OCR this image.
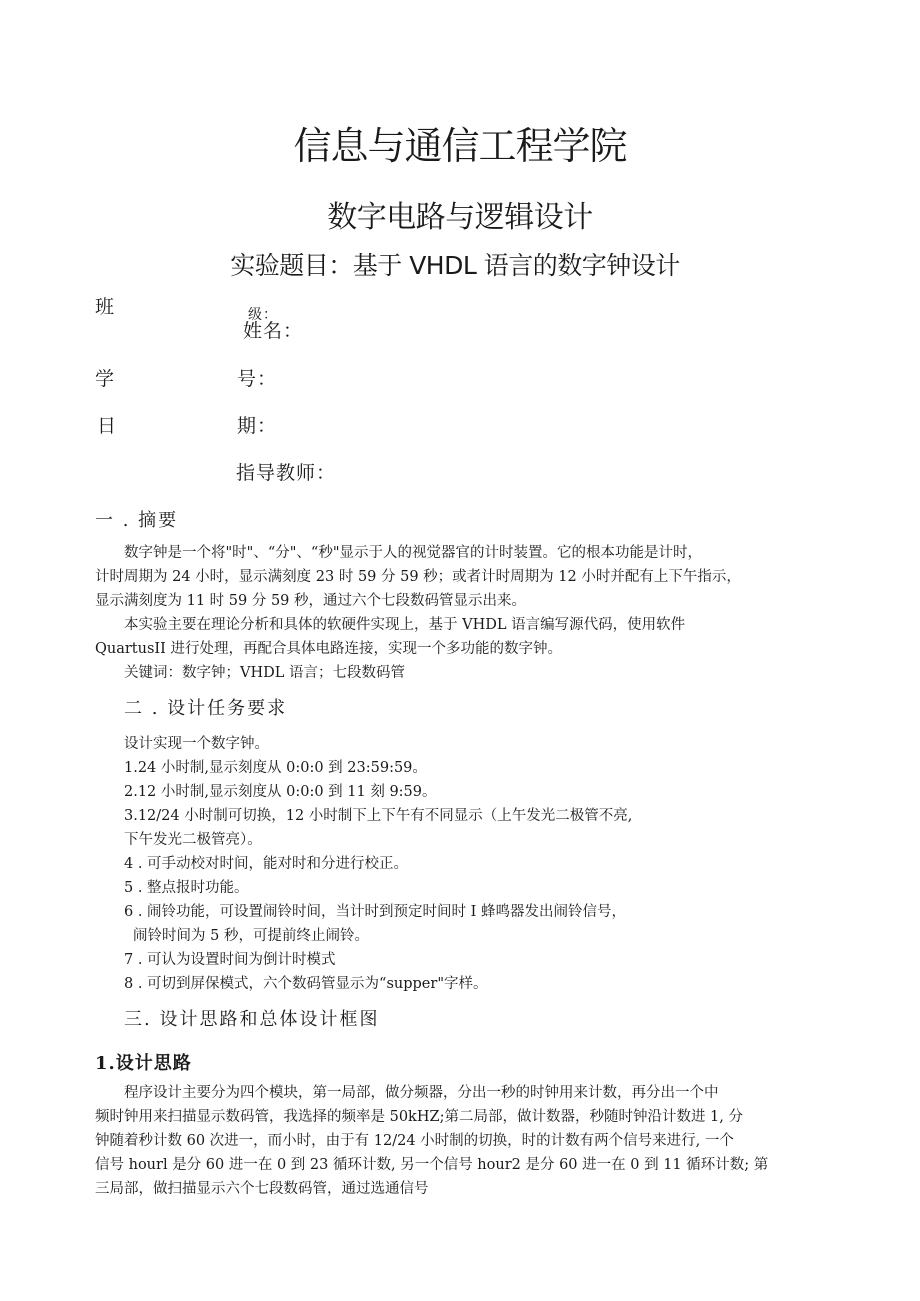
信息与通信工程学院
数字电路与逻辑设计
实验题目：基于 VHDL 语言的数字钟设计
班	级：
姓名：
学	号：
日	期：
指导教师：
一 . 摘要
数字钟是一个将"时"、“分"、“秒"显示于人的视觉器官的计时装置。它的根本功能是计时，
计时周期为 24 小时，显示满刻度 23 时 59 分 59 秒；或者计时周期为 12 小时并配有上下午指示，
显示满刻度为 11 时 59 分 59 秒，通过六个七段数码管显示出来。
本实验主要在理论分析和具体的软硬件实现上，基于 VHDL 语言编写源代码，使用软件
QuartusII 进行处理，再配合具体电路连接，实现一个多功能的数字钟。
关键词：数字钟；VHDL 语言；七段数码管
二 . 设计任务要求
设计实现一个数字钟。
1.24 小时制,显示刻度从 0:0:0 到 23:59:59。
2.12 小时制,显示刻度从 0:0:0 到 11 刻 9:59。
3.12/24 小时制可切换，12 小时制下上下午有不同显示（上午发光二极管不亮,
下午发光二极管亮）。
4 . 可手动校对时间，能对时和分进行校正。
5 . 整点报时功能。
6 . 闹铃功能，可设置闹铃时间，当计时到预定时间时 I 蜂鸣器发出闹铃信号，
闹铃时间为 5 秒，可提前终止闹铃。
7 . 可认为设置时间为倒计时模式
8 . 可切到屏保模式，六个数码管显示为“supper"字样。
三. 设计思路和总体设计框图
1.设计思路
程序设计主要分为四个模块，第一局部，做分频器，分出一秒的时钟用来计数，再分出一个中
频时钟用来扫描显示数码管，我选择的频率是 50kHZ;第二局部，做计数器，秒随时钟沿计数进 1, 分
钟随着秒计数 60 次进一，而小时，由于有 12/24 小时制的切换，时的计数有两个信号来进行, 一个
信号 hourl 是分 60 进一在 0 到 23 循环计数, 另一个信号 hour2 是分 60 进一在 0 到 11 循环计数; 第
三局部，做扫描显示六个七段数码管，通过选通信号
